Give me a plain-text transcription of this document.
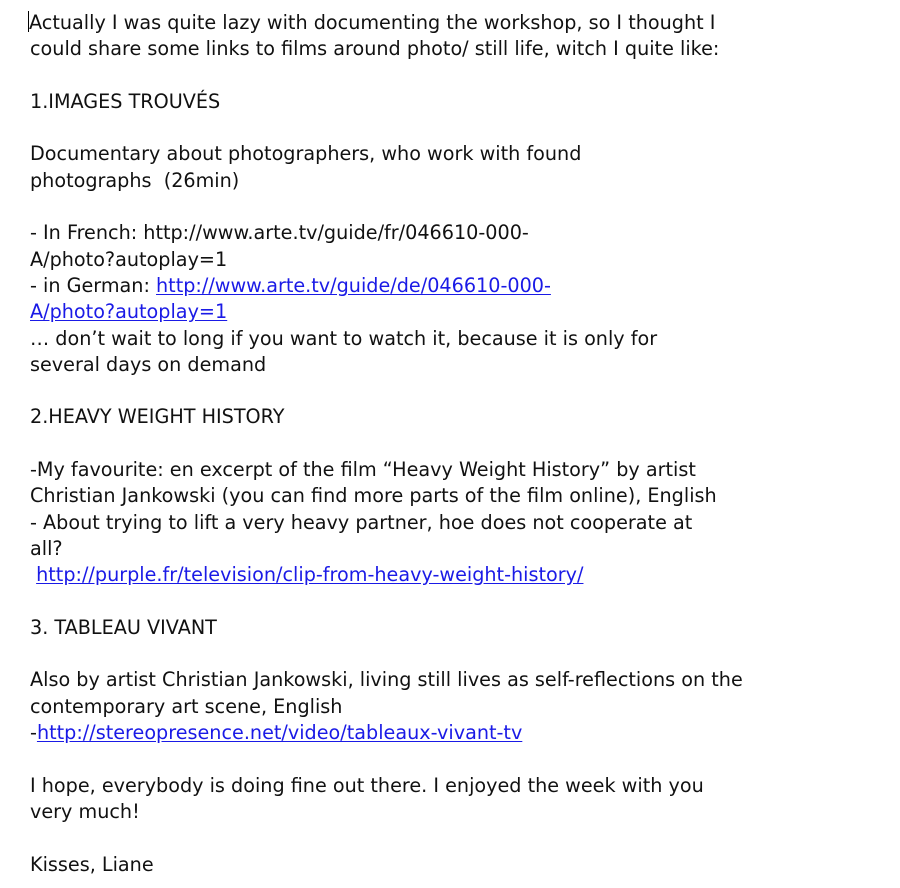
Actually I was quite lazy with documenting the workshop, so I thought I
could share some links to films around photo/ still life, witch I quite like:
1.IMAGES TROUVÉS
Documentary about photographers, who work with found
photographs  (26min)
- In French: http://www.arte.tv/guide/fr/046610-000-
A/photo?autoplay=1
- in German: http://www.arte.tv/guide/de/046610-000-
A/photo?autoplay=1
… don’t wait to long if you want to watch it, because it is only for
several days on demand
2.HEAVY WEIGHT HISTORY
-My favourite: en excerpt of the film “Heavy Weight History” by artist
Christian Jankowski (you can find more parts of the film online), English
- About trying to lift a very heavy partner, hoe does not cooperate at
all?
http://purple.fr/television/clip-from-heavy-weight-history/
3. TABLEAU VIVANT
Also by artist Christian Jankowski, living still lives as self-reflections on the
contemporary art scene, English
-http://stereopresence.net/video/tableaux-vivant-tv
I hope, everybody is doing fine out there. I enjoyed the week with you
very much!
Kisses, Liane
